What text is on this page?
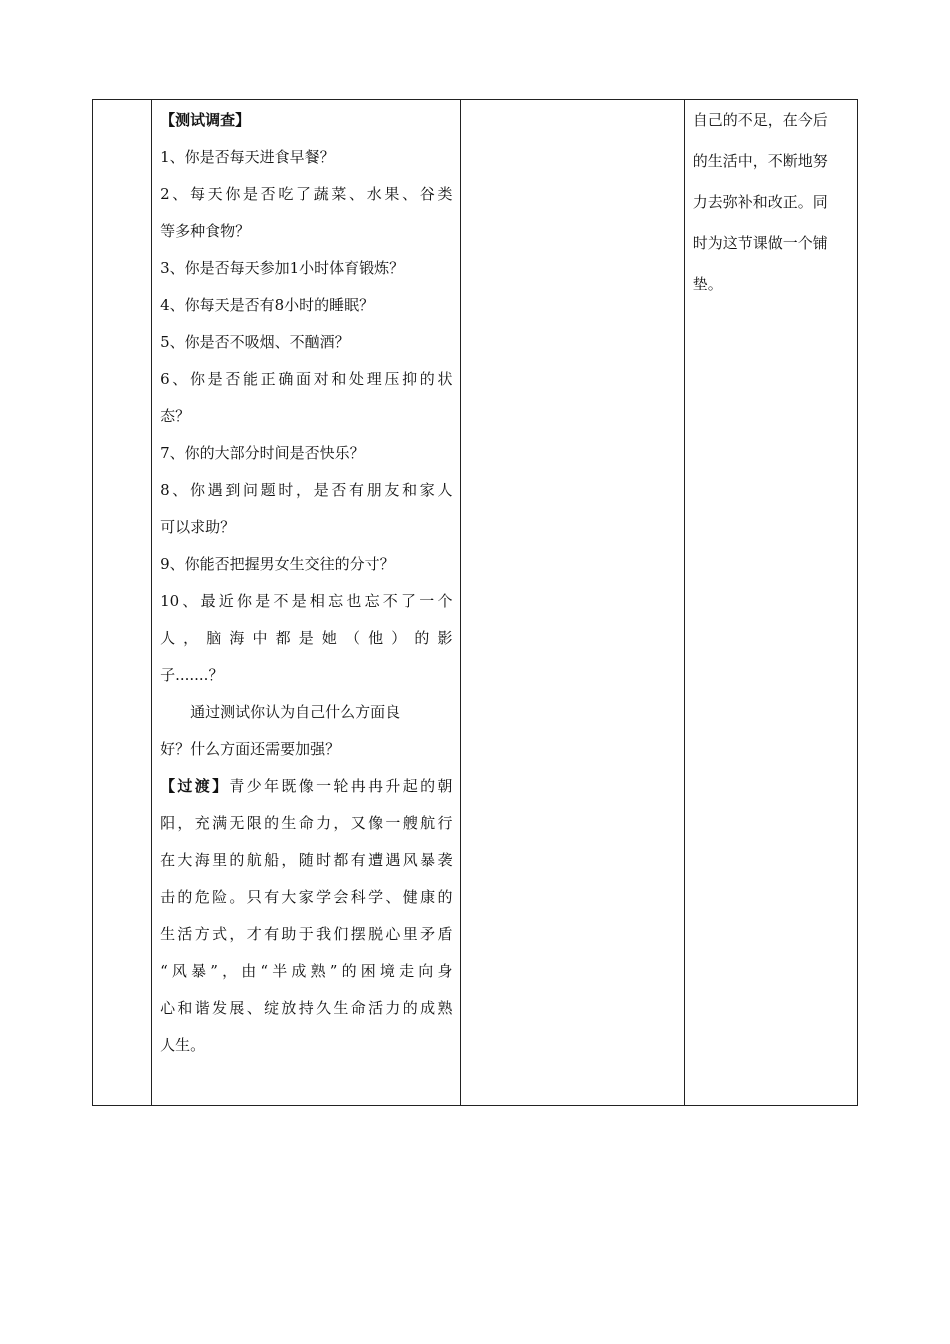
【测试调查】

1、你是否每天进食早餐？

2、每天你是否吃了蔬菜、水果、谷类

等多种食物？

3、你是否每天参加1小时体育锻炼？

4、你每天是否有8小时的睡眠？

5、你是否不吸烟、不酗酒？

6、你是否能正确面对和处理压抑的状

态？

7、你的大部分时间是否快乐？

8、你遇到问题时，是否有朋友和家人

可以求助？

9、你能否把握男女生交往的分寸？

10、最近你是不是相忘也忘不了一个

人，脑海中都是她（他）的影

子.......？

通过测试你认为自己什么方面良

好？什么方面还需要加强？

【过渡】青少年既像一轮冉冉升起的朝

阳，充满无限的生命力，又像一艘航行

在大海里的航船，随时都有遭遇风暴袭

击的危险。只有大家学会科学、健康的

生活方式，才有助于我们摆脱心里矛盾

“风暴”，由“半成熟”的困境走向身

心和谐发展、绽放持久生命活力的成熟

人生。

自己的不足，在今后

的生活中，不断地努

力去弥补和改正。同

时为这节课做一个铺

垫。
